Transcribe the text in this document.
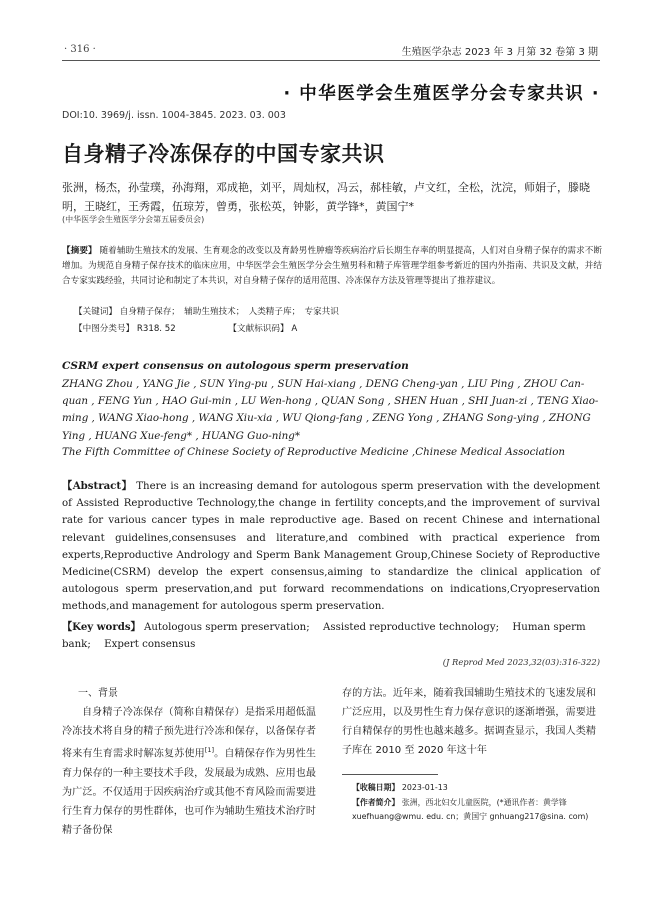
· 316 ·	生殖医学杂志 2023 年 3 月第 32 卷第 3 期
· 中华医学会生殖医学分会专家共识 ·
DOI:10. 3969/j. issn. 1004-3845. 2023. 03. 003
自身精子冷冻保存的中国专家共识
张洲，杨杰，孙莹璞，孙海翔，邓成艳，刘平，周灿权，冯云，郝桂敏，卢文红，全松，沈浣，师娟子，滕晓明，王晓红，王秀霞，伍琼芳，曾勇，张松英，钟影，黄学锋*，黄国宁*
(中华医学会生殖医学分会第五届委员会)
【摘要】 随着辅助生殖技术的发展、生育观念的改变以及育龄男性肿瘤等疾病治疗后长期生存率的明显提高，人们对自身精子保存的需求不断增加。为规范自身精子保存技术的临床应用，中华医学会生殖医学分会生殖男科和精子库管理学组参考新近的国内外指南、共识及文献，并结合专家实践经验，共同讨论和制定了本共识，对自身精子保存的适用范围、冷冻保存方法及管理等提出了推荐建议。
【关键词】 自身精子保存；　辅助生殖技术；　人类精子库；　专家共识
【中图分类号】 R318. 52	【文献标识码】 A
CSRM expert consensus on autologous sperm preservation
ZHANG Zhou , YANG Jie , SUN Ying-pu , SUN Hai-xiang , DENG Cheng-yan , LIU Ping , ZHOU Can-quan , FENG Yun , HAO Gui-min , LU Wen-hong , QUAN Song , SHEN Huan , SHI Juan-zi , TENG Xiao-ming , WANG Xiao-hong , WANG Xiu-xia , WU Qiong-fang , ZENG Yong , ZHANG Song-ying , ZHONG Ying , HUANG Xue-feng* , HUANG Guo-ning*
The Fifth Committee of Chinese Society of Reproductive Medicine ,Chinese Medical Association
【Abstract】 There is an increasing demand for autologous sperm preservation with the development of Assisted Reproductive Technology,the change in fertility concepts,and the improvement of survival rate for various cancer types in male reproductive age. Based on recent Chinese and international relevant guidelines,consensuses and literature,and combined with practical experience from experts,Reproductive Andrology and Sperm Bank Management Group,Chinese Society of Reproductive Medicine(CSRM) develop the expert consensus,aiming to standardize the clinical application of autologous sperm preservation,and put forward recommendations on indications,Cryopreservation methods,and management for autologous sperm preservation.
【Key words】 Autologous sperm preservation;　 Assisted reproductive technology;　 Human sperm bank;　 Expert consensus
(J Reprod Med 2023,32(03):316-322)
一、背景

自身精子冷冻保存（简称自精保存）是指采用超低温冷冻技术将自身的精子预先进行冷冻和保存，以备保存者将来有生育需求时解冻复苏使用[1]。自精保存作为男性生育力保存的一种主要技术手段，发展最为成熟、应用也最为广泛。不仅适用于因疾病治疗或其他不育风险而需要进行生育力保存的男性群体，也可作为辅助生殖技术治疗时精子备份保

存的方法。近年来，随着我国辅助生殖技术的飞速发展和广泛应用，以及男性生育力保存意识的逐渐增强，需要进行自精保存的男性也越来越多。据调查显示，我国人类精子库在 2010 至 2020 年这十年

【收稿日期】 2023-01-13
【作者简介】 张洲，西北妇女儿童医院，(*通讯作者：黄学锋 xuefhuang@wmu. edu. cn；黄国宁 gnhuang217@sina. com)
